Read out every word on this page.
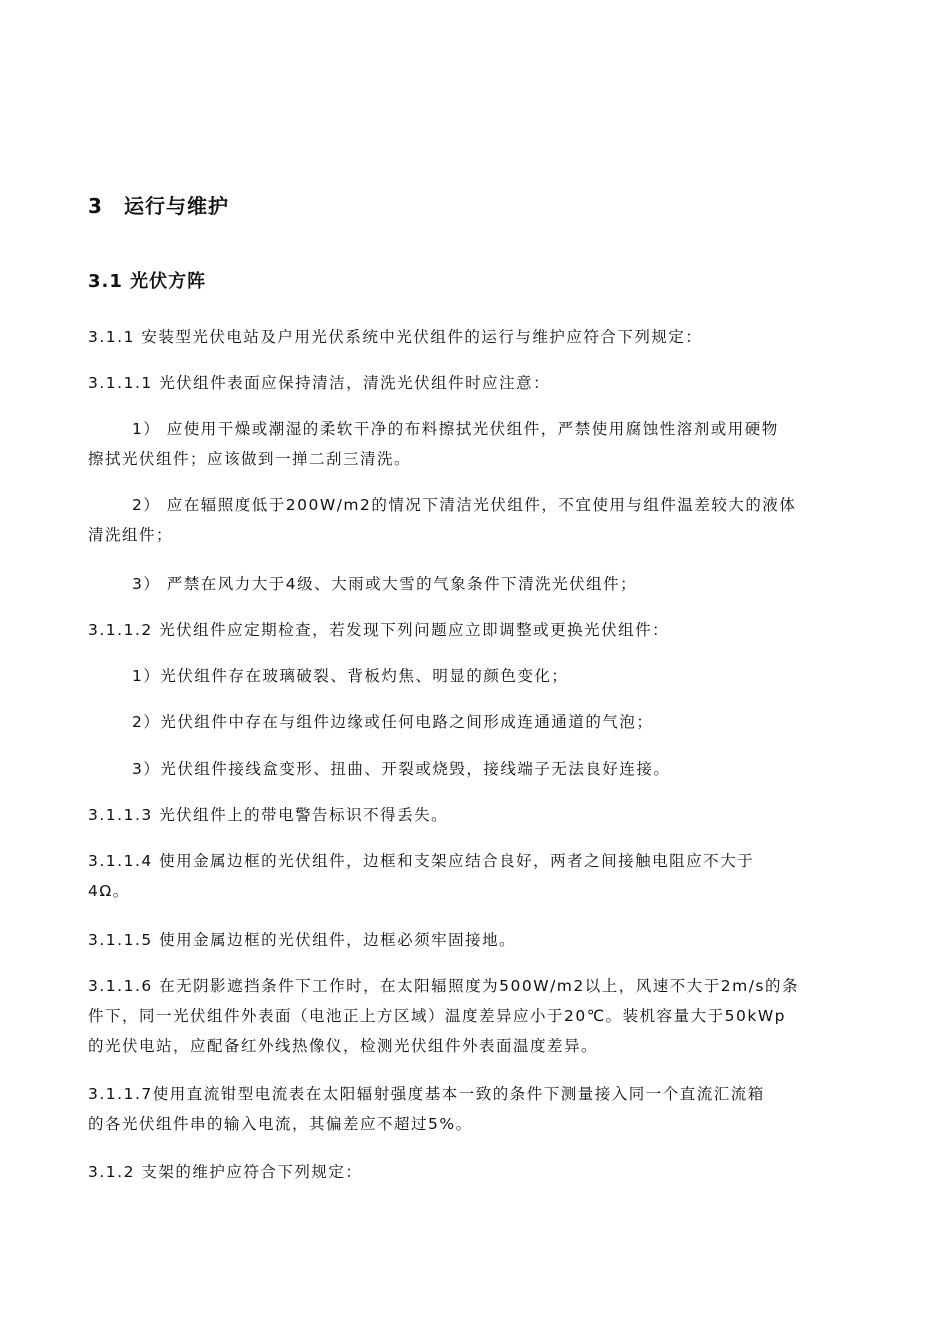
3 运行与维护
3.1 光伏方阵
3.1.1 安装型光伏电站及户用光伏系统中光伏组件的运行与维护应符合下列规定：
3.1.1.1 光伏组件表面应保持清洁，清洗光伏组件时应注意：
1） 应使用干燥或潮湿的柔软干净的布料擦拭光伏组件，严禁使用腐蚀性溶剂或用硬物
擦拭光伏组件；应该做到一掸二刮三清洗。
2） 应在辐照度低于200W/m2的情况下清洁光伏组件，不宜使用与组件温差较大的液体
清洗组件；
3） 严禁在风力大于4级、大雨或大雪的气象条件下清洗光伏组件；
3.1.1.2 光伏组件应定期检查，若发现下列问题应立即调整或更换光伏组件：
1）光伏组件存在玻璃破裂、背板灼焦、明显的颜色变化；
2）光伏组件中存在与组件边缘或任何电路之间形成连通通道的气泡；
3）光伏组件接线盒变形、扭曲、开裂或烧毁，接线端子无法良好连接。
3.1.1.3 光伏组件上的带电警告标识不得丢失。
3.1.1.4 使用金属边框的光伏组件，边框和支架应结合良好，两者之间接触电阻应不大于
4Ω。
3.1.1.5 使用金属边框的光伏组件，边框必须牢固接地。
3.1.1.6 在无阴影遮挡条件下工作时，在太阳辐照度为500W/m2以上，风速不大于2m/s的条
件下，同一光伏组件外表面（电池正上方区域）温度差异应小于20℃。装机容量大于50kWp
的光伏电站，应配备红外线热像仪，检测光伏组件外表面温度差异。
3.1.1.7使用直流钳型电流表在太阳辐射强度基本一致的条件下测量接入同一个直流汇流箱
的各光伏组件串的输入电流，其偏差应不超过5%。
3.1.2 支架的维护应符合下列规定：
